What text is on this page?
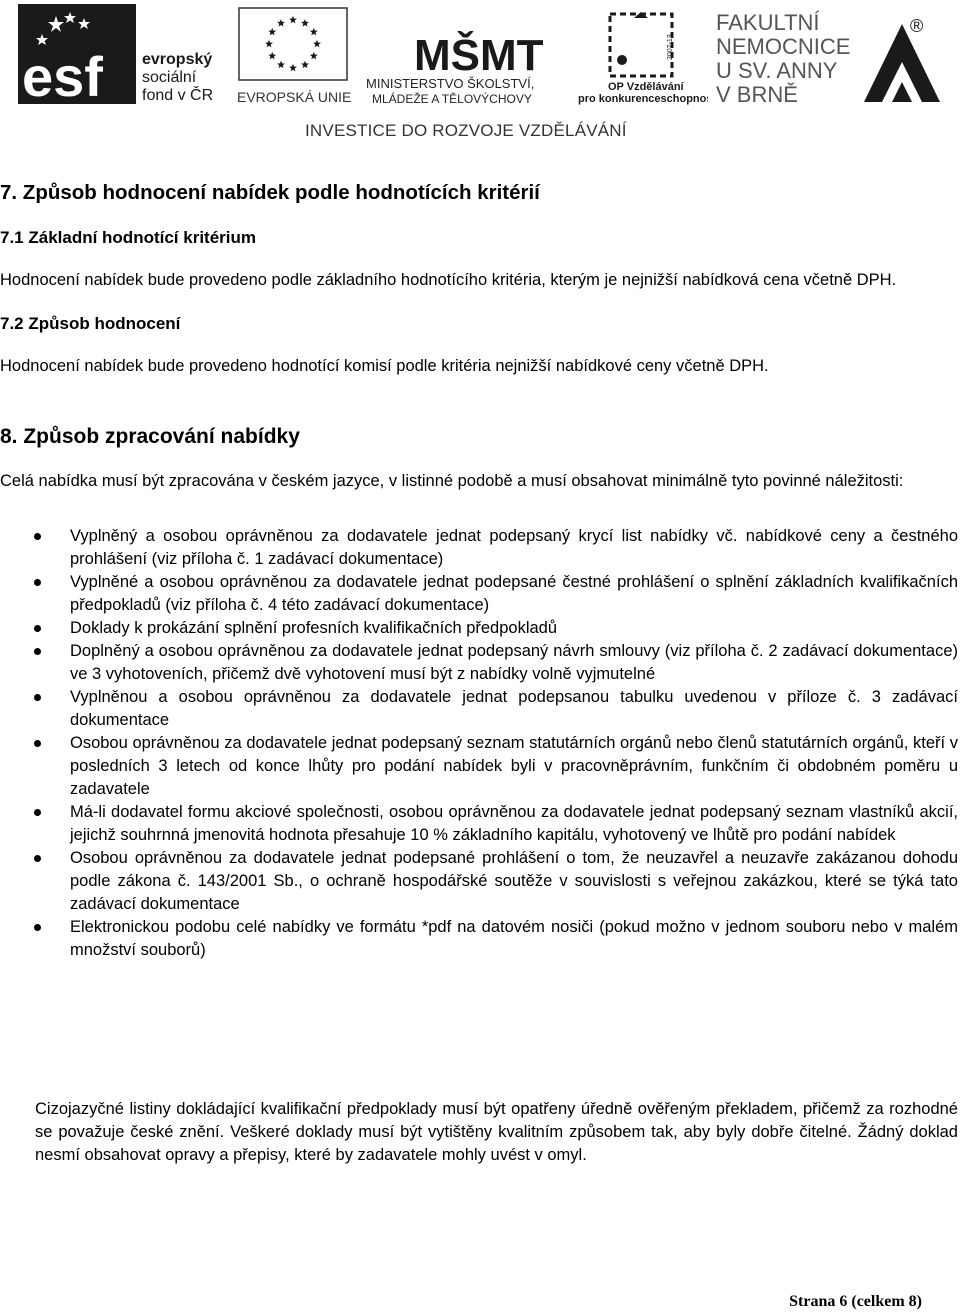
esf evropský
sociální
fond v ČR EVROPSKÁ UNIE
MŠMT
MINISTERSTVO ŠKOLSTVÍ,
MLÁDEŽE A TĚLOVÝCHOVY
2007-13
OP Vzdělávání
pro konkurenceschopnost
FAKULTNÍ
NEMOCNICE
U SV. ANNY
V BRNĚ
®
INVESTICE DO ROZVOJE VZDĚLÁVÁNÍ
7. Způsob hodnocení nabídek podle hodnotících kritérií
7.1 Základní hodnotící kritérium
Hodnocení nabídek bude provedeno podle základního hodnotícího kritéria, kterým je nejnižší nabídková cena včetně DPH.
7.2 Způsob hodnocení
Hodnocení nabídek bude provedeno hodnotící komisí podle kritéria nejnižší nabídkové ceny včetně DPH.
8. Způsob zpracování nabídky
Celá nabídka musí být zpracována v českém jazyce, v listinné podobě a musí obsahovat minimálně tyto povinné náležitosti:
Vyplněný a osobou oprávněnou za dodavatele jednat podepsaný krycí list nabídky vč. nabídkové ceny a čestného prohlášení (viz příloha č. 1 zadávací dokumentace)
Vyplněné a osobou oprávněnou za dodavatele jednat podepsané čestné prohlášení o splnění základních kvalifikačních předpokladů (viz příloha č. 4 této zadávací dokumentace)
Doklady k prokázání splnění profesních kvalifikačních předpokladů
Doplněný a osobou oprávněnou za dodavatele jednat podepsaný návrh smlouvy (viz příloha č. 2 zadávací dokumentace) ve 3 vyhotoveních, přičemž dvě vyhotovení musí být z nabídky volně vyjmutelné
Vyplněnou a osobou oprávněnou za dodavatele jednat podepsanou tabulku uvedenou v příloze č. 3 zadávací dokumentace
Osobou oprávněnou za dodavatele jednat podepsaný seznam statutárních orgánů nebo členů statutárních orgánů, kteří v posledních 3 letech od konce lhůty pro podání nabídek byli v pracovněprávním, funkčním či obdobném poměru u zadavatele
Má-li dodavatel formu akciové společnosti, osobou oprávněnou za dodavatele jednat podepsaný seznam vlastníků akcií, jejichž souhrnná jmenovitá hodnota přesahuje 10 % základního kapitálu, vyhotovený ve lhůtě pro podání nabídek
Osobou oprávněnou za dodavatele jednat podepsané prohlášení o tom, že neuzavřel a neuzavře zakázanou dohodu podle zákona č. 143/2001 Sb., o ochraně hospodářské soutěže v souvislosti s veřejnou zakázkou, které se týká tato zadávací dokumentace
Elektronickou podobu celé nabídky ve formátu *pdf na datovém nosiči (pokud možno v jednom souboru nebo v malém množství souborů)
Cizojazyčné listiny dokládající kvalifikační předpoklady musí být opatřeny úředně ověřeným překladem, přičemž za rozhodné se považuje české znění. Veškeré doklady musí být vytištěny kvalitním způsobem tak, aby byly dobře čitelné. Žádný doklad nesmí obsahovat opravy a přepisy, které by zadavatele mohly uvést v omyl.
Strana 6 (celkem 8)
